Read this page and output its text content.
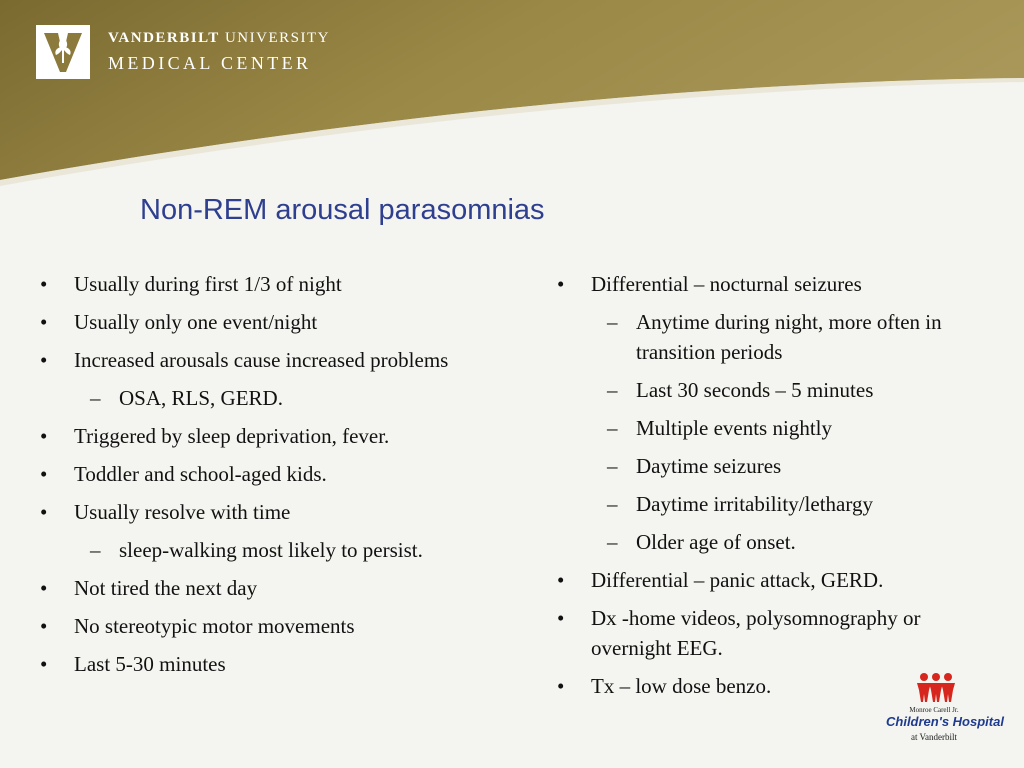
VANDERBILT UNIVERSITY
MEDICAL CENTER
Non-REM arousal parasomnias
•	Usually during first 1/3 of night
•	Usually only one event/night
•	Increased arousals cause increased problems
– OSA, RLS, GERD.
•	Triggered by sleep deprivation, fever.
•	Toddler and school-aged kids.
•	Usually resolve with time
– sleep-walking most likely to persist.
•	Not tired the next day
•	No stereotypic motor movements
•	Last 5-30 minutes
•	Differential – nocturnal seizures
– Anytime during night, more often in transition periods
– Last 30 seconds – 5 minutes
– Multiple events nightly
– Daytime seizures
– Daytime irritability/lethargy
– Older age of onset.
•	Differential – panic attack, GERD.
•	Dx -home videos, polysomnography or overnight EEG.
•	Tx – low dose benzo.
Monroe Carell Jr.
Children's Hospital
at Vanderbilt
